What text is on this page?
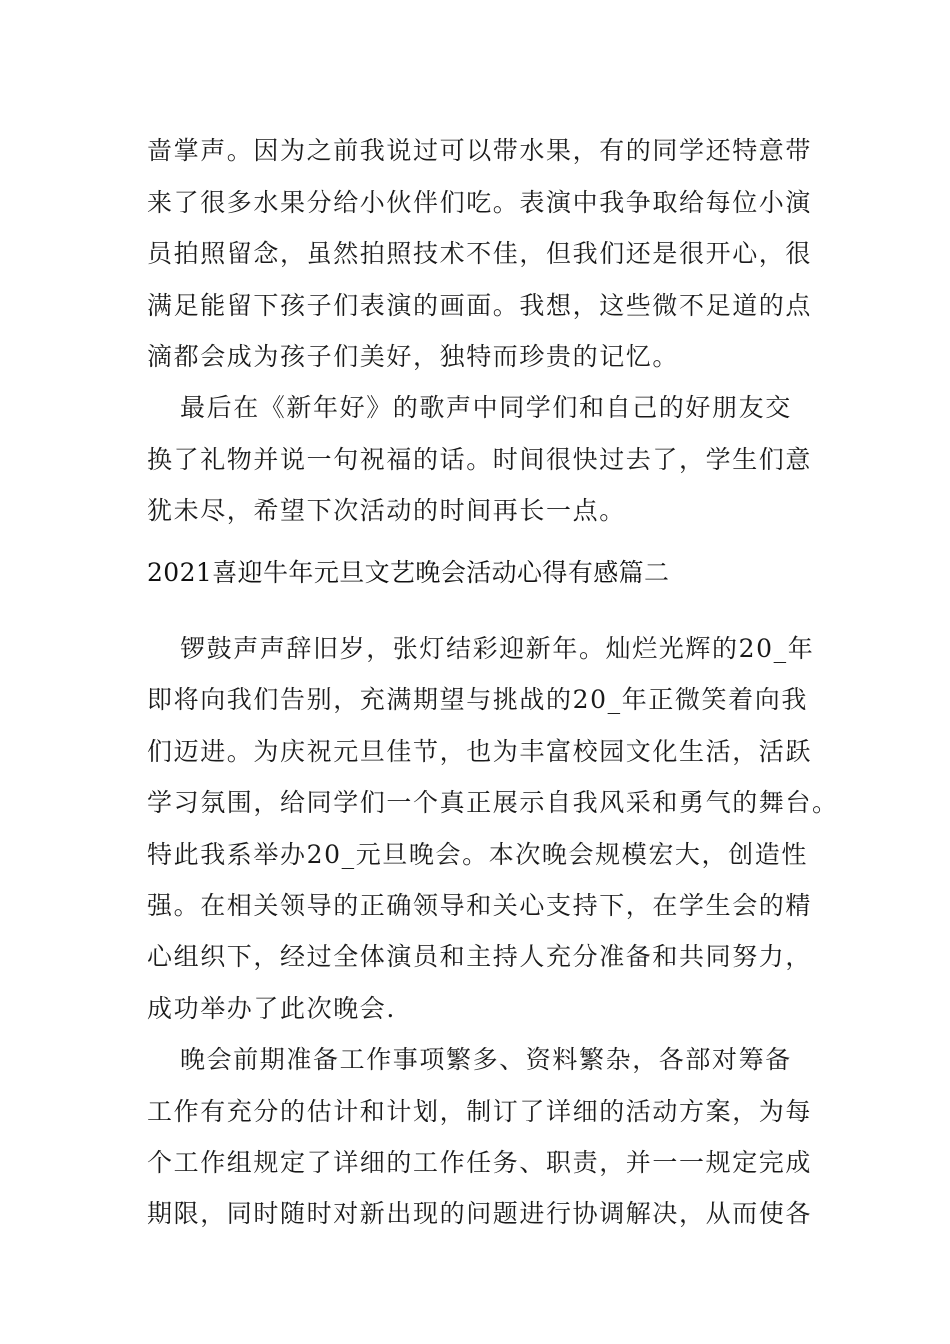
啬掌声。因为之前我说过可以带水果，有的同学还特意带
来了很多水果分给小伙伴们吃。表演中我争取给每位小演
员拍照留念，虽然拍照技术不佳，但我们还是很开心，很
满足能留下孩子们表演的画面。我想，这些微不足道的点
滴都会成为孩子们美好，独特而珍贵的记忆。
最后在《新年好》的歌声中同学们和自己的好朋友交
换了礼物并说一句祝福的话。时间很快过去了，学生们意
犹未尽，希望下次活动的时间再长一点。
2021喜迎牛年元旦文艺晚会活动心得有感篇二
锣鼓声声辞旧岁，张灯结彩迎新年。灿烂光辉的20_年
即将向我们告别，充满期望与挑战的20_年正微笑着向我
们迈进。为庆祝元旦佳节，也为丰富校园文化生活，活跃
学习氛围，给同学们一个真正展示自我风采和勇气的舞台。
特此我系举办20_元旦晚会。本次晚会规模宏大，创造性
强。在相关领导的正确领导和关心支持下，在学生会的精
心组织下，经过全体演员和主持人充分准备和共同努力，
成功举办了此次晚会.
晚会前期准备工作事项繁多、资料繁杂，各部对筹备
工作有充分的估计和计划，制订了详细的活动方案，为每
个工作组规定了详细的工作任务、职责，并一一规定完成
期限，同时随时对新出现的问题进行协调解决，从而使各
